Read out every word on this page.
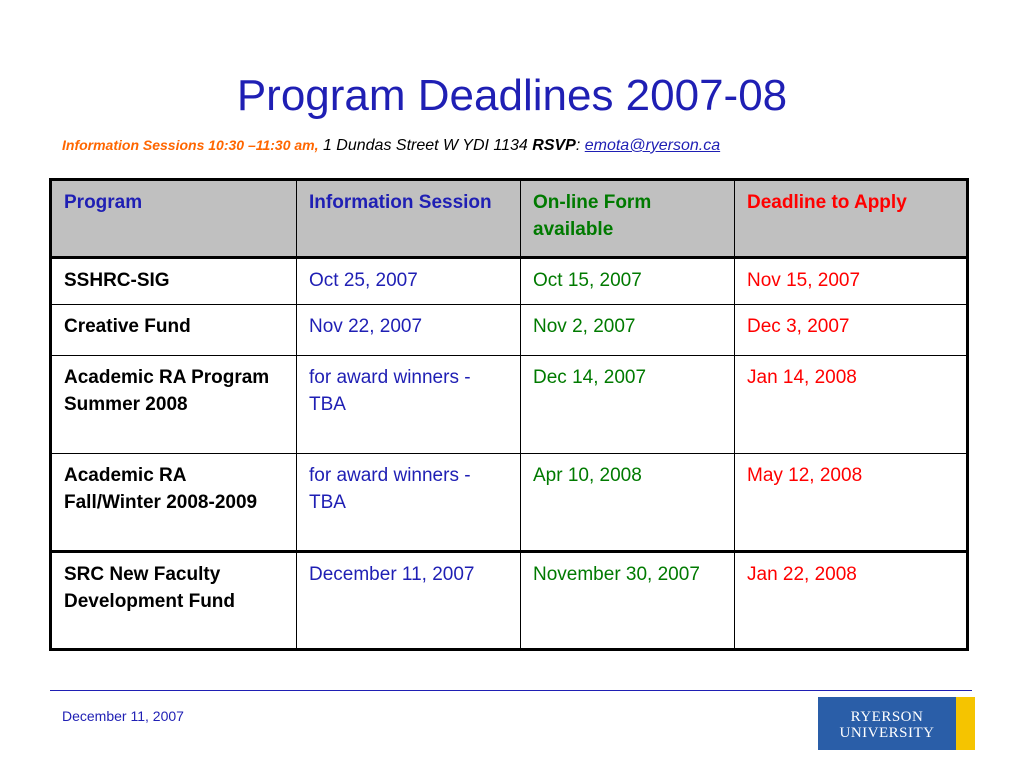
Program Deadlines 2007-08
Information Sessions 10:30 –11:30 am, 1 Dundas Street W YDI 1134 RSVP: emota@ryerson.ca
Program	Information Session	On-line Form available	Deadline to Apply
SSHRC-SIG	Oct 25, 2007	Oct 15, 2007	Nov 15, 2007
Creative Fund	Nov 22, 2007	Nov 2, 2007	Dec 3, 2007
Academic RA Program Summer 2008	for award winners - TBA	Dec 14, 2007	Jan 14, 2008
Academic RA Fall/Winter 2008-2009	for award winners - TBA	Apr 10, 2008	May 12, 2008
SRC New Faculty Development Fund	December 11, 2007	November 30, 2007	Jan 22, 2008
December 11, 2007	RYERSON
UNIVERSITY
